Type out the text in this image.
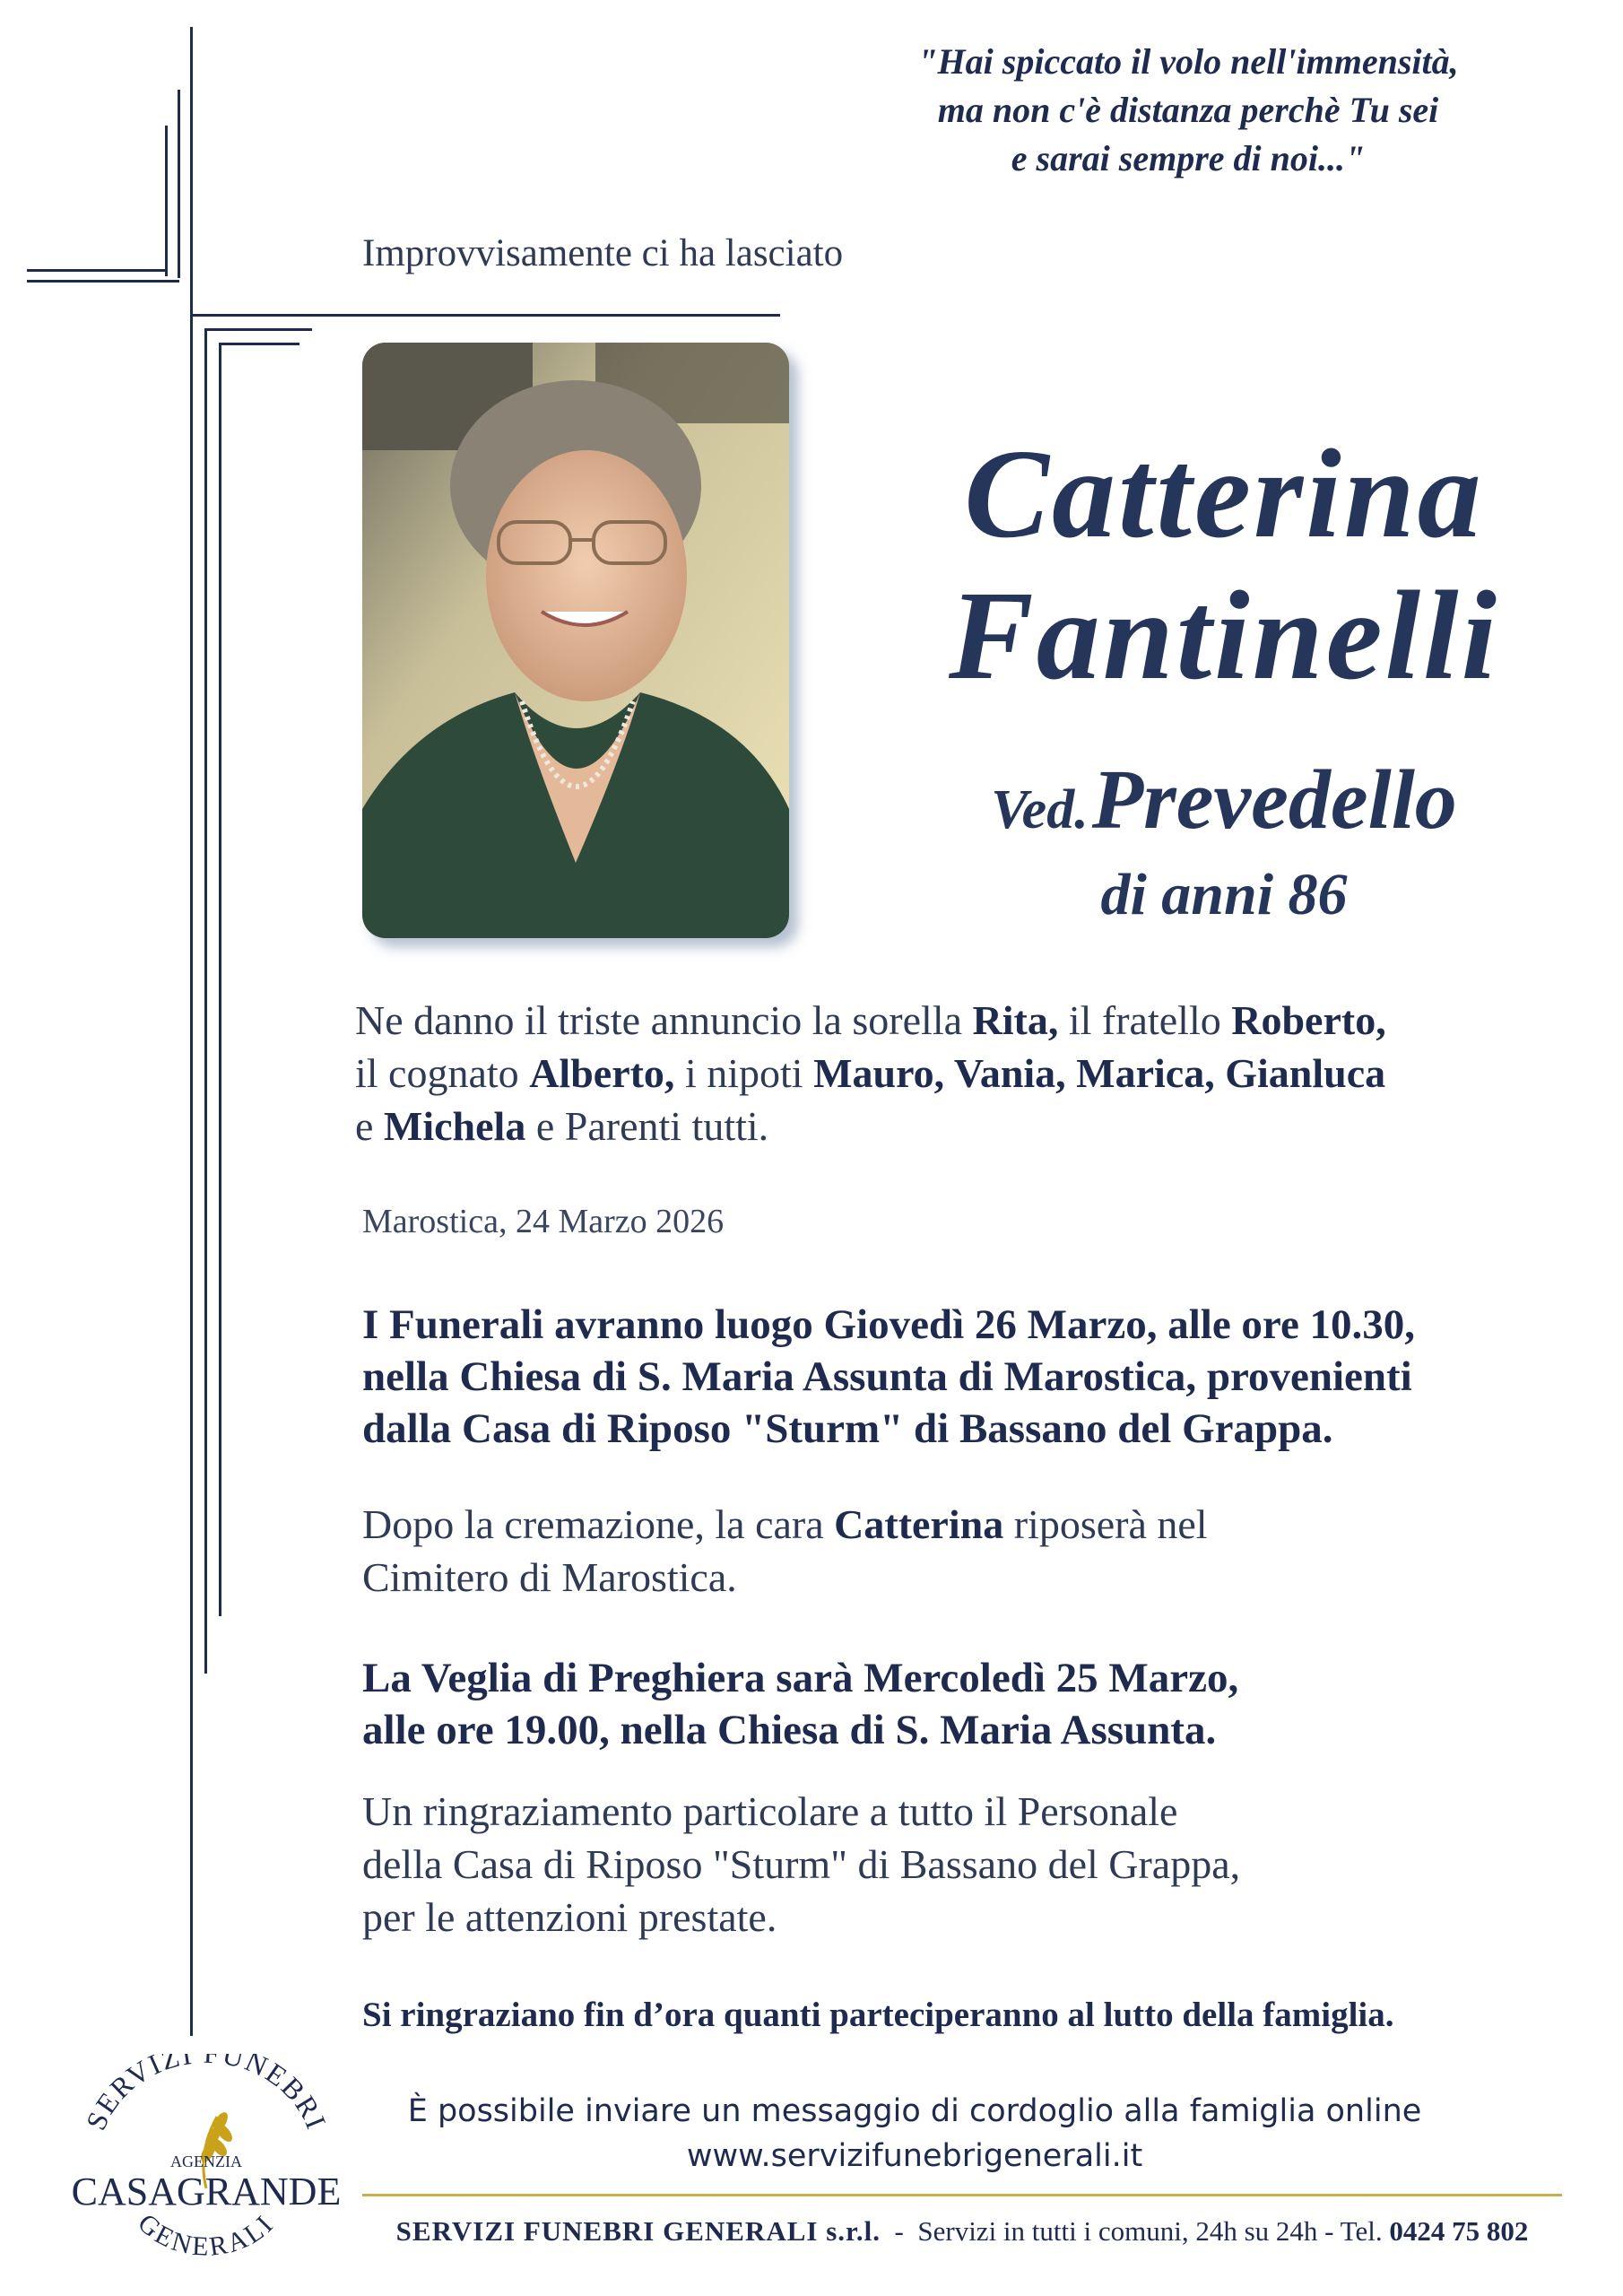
"Hai spiccato il volo nell'immensità,
ma non c'è distanza perchè Tu sei
e sarai sempre di noi..."
Improvvisamente ci ha lasciato
Catterina
Fantinelli
Ved. Prevedello
di anni 86
Ne danno il triste annuncio la sorella Rita, il fratello Roberto,
il cognato Alberto, i nipoti Mauro, Vania, Marica, Gianluca
e Michela e Parenti tutti.
Marostica, 24 Marzo 2026
I Funerali avranno luogo Giovedì 26 Marzo, alle ore 10.30,
nella Chiesa di S. Maria Assunta di Marostica, provenienti
dalla Casa di Riposo "Sturm" di Bassano del Grappa.
Dopo la cremazione, la cara Catterina riposerà nel
Cimitero di Marostica.
La Veglia di Preghiera sarà Mercoledì 25 Marzo,
alle ore 19.00, nella Chiesa di S. Maria Assunta.
Un ringraziamento particolare a tutto il Personale
della Casa di Riposo "Sturm" di Bassano del Grappa,
per le attenzioni prestate.
Si ringraziano fin d’ora quanti parteciperanno al lutto della famiglia.
È possibile inviare un messaggio di cordoglio alla famiglia online
www.servizifunebrigenerali.it
SERVIZI FUNEBRI GENERALI s.r.l.  -  Servizi in tutti i comuni, 24h su 24h - Tel. 0424 75 802
SERVIZI UNEBRI
AGENZIA
CASAGRANDE
GENERALI
